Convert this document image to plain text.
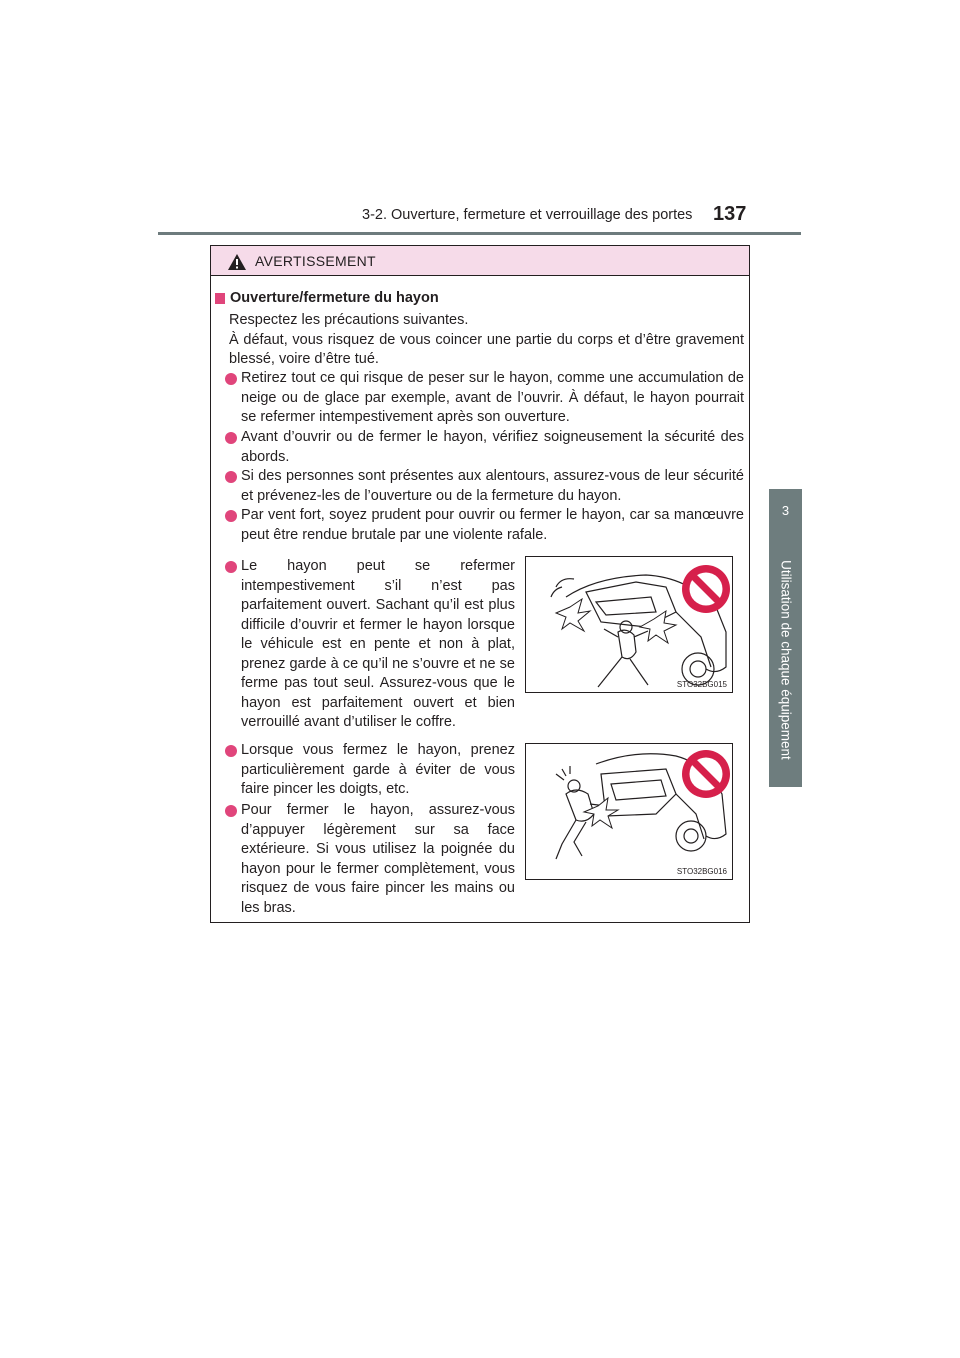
3-2. Ouverture, fermeture et verrouillage des portes 137
3
Utilisation de chaque équipement
AVERTISSEMENT
Ouverture/fermeture du hayon

Respectez les précautions suivantes.

À défaut, vous risquez de vous coincer une partie du corps et d’être gravement blessé, voire d’être tué.

Retirez tout ce qui risque de peser sur le hayon, comme une accumulation de neige ou de glace par exemple, avant de l’ouvrir. À défaut, le hayon pourrait se refermer intempestivement après son ouverture.
Avant d’ouvrir ou de fermer le hayon, vérifiez soigneusement la sécurité des abords.
Si des personnes sont présentes aux alentours, assurez-vous de leur sécurité et prévenez-les de l’ouverture ou de la fermeture du hayon.
Par vent fort, soyez prudent pour ouvrir ou fermer le hayon, car sa manœuvre peut être rendue brutale par une violente rafale.
Le hayon peut se refermer intempestivement s’il n’est pas parfaitement ouvert. Sachant qu’il est plus difficile d’ouvrir et fermer le hayon lorsque le véhicule est en pente et non à plat, prenez garde à ce qu’il ne s’ouvre et ne se ferme pas tout seul. Assurez-vous que le hayon est parfaitement ouvert et bien verrouillé avant d’utiliser le coffre.
Lorsque vous fermez le hayon, prenez particulièrement garde à éviter de vous faire pincer les doigts, etc.
Pour fermer le hayon, assurez-vous d’appuyer légèrement sur sa face extérieure. Si vous utilisez la poignée du hayon pour le fermer complètement, vous risquez de vous faire pincer les mains ou les bras.
STO32BG015
STO32BG016
